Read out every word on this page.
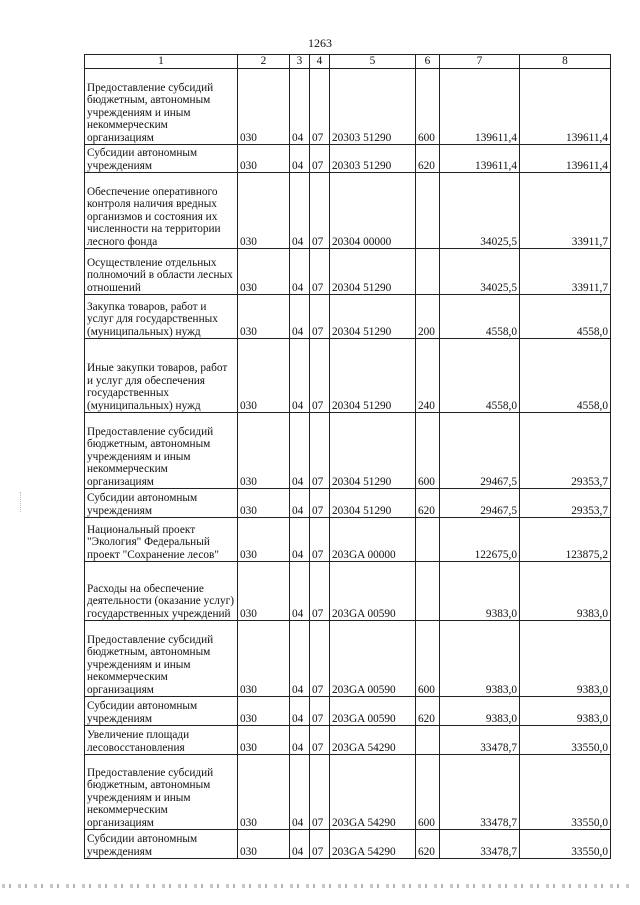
1263
1	2	3	4	5	6	7	8
Предоставление субсидий бюджетным, автономным учреждениям и иным некоммерческим организациям	030	04	07	20303 51290	600	139611,4	139611,4
Субсидии автономным учреждениям	030	04	07	20303 51290	620	139611,4	139611,4
Обеспечение оперативного контроля наличия вредных организмов и состояния их численности на территории лесного фонда	030	04	07	20304 00000		34025,5	33911,7
Осуществление отдельных полномочий в области лесных отношений	030	04	07	20304 51290		34025,5	33911,7
Закупка товаров, работ и услуг для государственных (муниципальных) нужд	030	04	07	20304 51290	200	4558,0	4558,0
Иные закупки товаров, работ и услуг для обеспечения государственных (муниципальных) нужд	030	04	07	20304 51290	240	4558,0	4558,0
Предоставление субсидий бюджетным, автономным учреждениям и иным некоммерческим организациям	030	04	07	20304 51290	600	29467,5	29353,7
Субсидии автономным учреждениям	030	04	07	20304 51290	620	29467,5	29353,7
Национальный проект "Экология" Федеральный проект "Сохранение лесов"	030	04	07	203GA 00000		122675,0	123875,2
Расходы на обеспечение деятельности (оказание услуг) государственных учреждений	030	04	07	203GA 00590		9383,0	9383,0
Предоставление субсидий бюджетным, автономным учреждениям и иным некоммерческим организациям	030	04	07	203GA 00590	600	9383,0	9383,0
Субсидии автономным учреждениям	030	04	07	203GA 00590	620	9383,0	9383,0
Увеличение площади лесовосстановления	030	04	07	203GA 54290		33478,7	33550,0
Предоставление субсидий бюджетным, автономным учреждениям и иным некоммерческим организациям	030	04	07	203GA 54290	600	33478,7	33550,0
Субсидии автономным учреждениям	030	04	07	203GA 54290	620	33478,7	33550,0
